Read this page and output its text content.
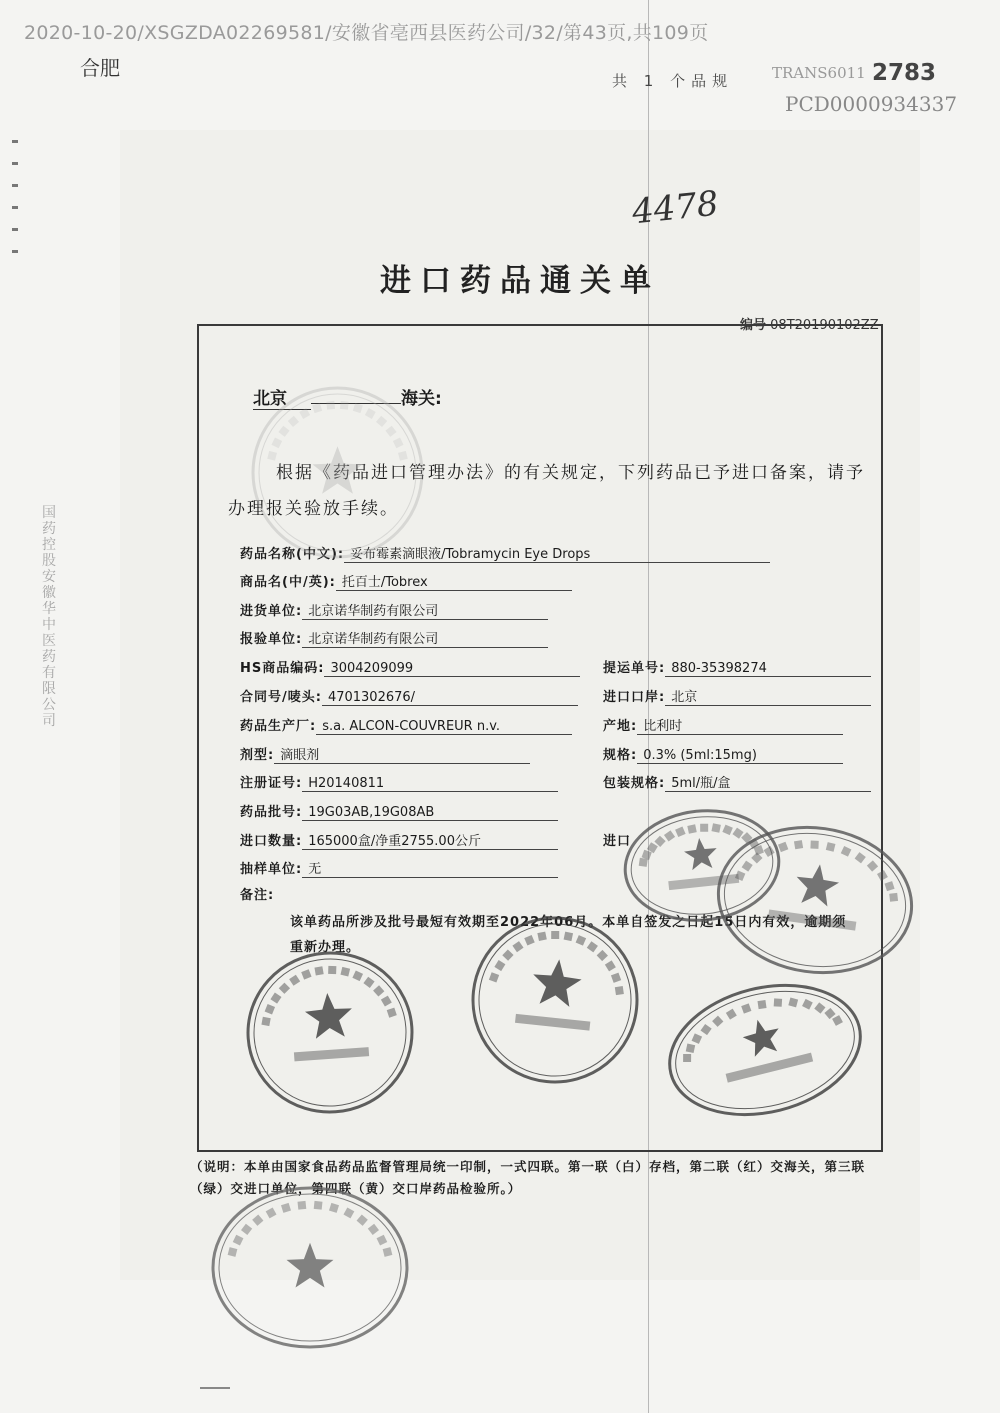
2020-10-20/XSGZDA02269581/安徽省亳西县医药公司/32/第43页,共109页
合肥
共 1 个品规	TRANS6011 2783
PCD0000934337
4478
进口药品通关单
编号 08T20190102ZZ
北京	海关:
根据《药品进口管理办法》的有关规定，下列药品已予进口备案，请予办理报关验放手续。
药品名称(中文): 妥布霉素滴眼液/Tobramycin Eye Drops
商品名(中/英): 托百士/Tobrex
进货单位: 北京诺华制药有限公司
报验单位: 北京诺华制药有限公司
HS商品编码: 3004209099
合同号/唛头: 4701302676/
药品生产厂: s.a. ALCON-COUVREUR n.v.
剂型: 滴眼剂
注册证号: H20140811
药品批号: 19G03AB,19G08AB
进口数量: 165000盒/净重2755.00公斤
抽样单位: 无
备注:
提运单号: 880-35398274
进口口岸: 北京
产地: 比利时
规格: 0.3% (5ml:15mg)
包装规格: 5ml/瓶/盒
进口
该单药品所涉及批号最短有效期至2022年06月。本单自签发之日起15日内有效，逾期须重新办理。
（说明：本单由国家食品药品监督管理局统一印制，一式四联。第一联（白）存档，第二联（红）交海关，第三联（绿）交进口单位，第四联（黄）交口岸药品检验所。）
国药控股安徽华中医药有限公司
